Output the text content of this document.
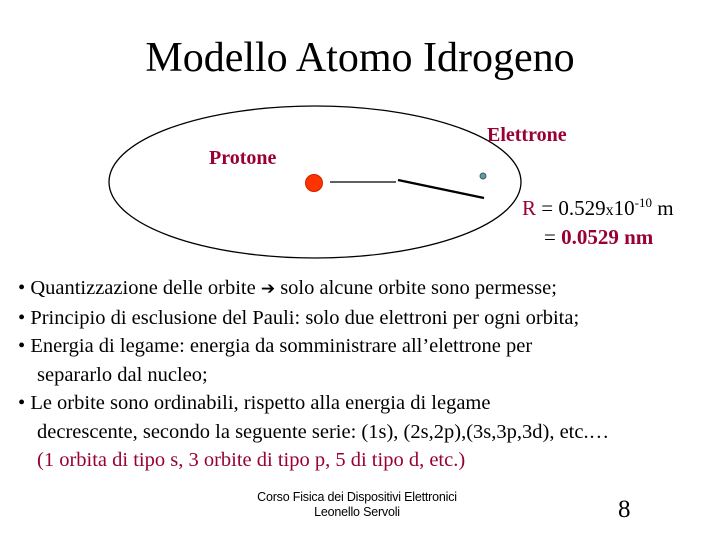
Modello Atomo Idrogeno
Protone
Elettrone
$R = 0.529x10^{-10}$ m
= 0.0529 nm
• Quantizzazione delle orbite ➔ solo alcune orbite sono permesse;
• Principio di esclusione del Pauli: solo due elettroni per ogni orbita;
• Energia di legame: energia da somministrare all’elettrone per
separarlo dal nucleo;
• Le orbite sono ordinabili, rispetto alla energia di legame
decrescente, secondo la seguente serie: (1s), (2s,2p),(3s,3p,3d), etc.…
(1 orbita di tipo s, 3 orbite di tipo p, 5 di tipo d, etc.)
Corso Fisica dei Dispositivi Elettronici
Leonello Servoli	8
